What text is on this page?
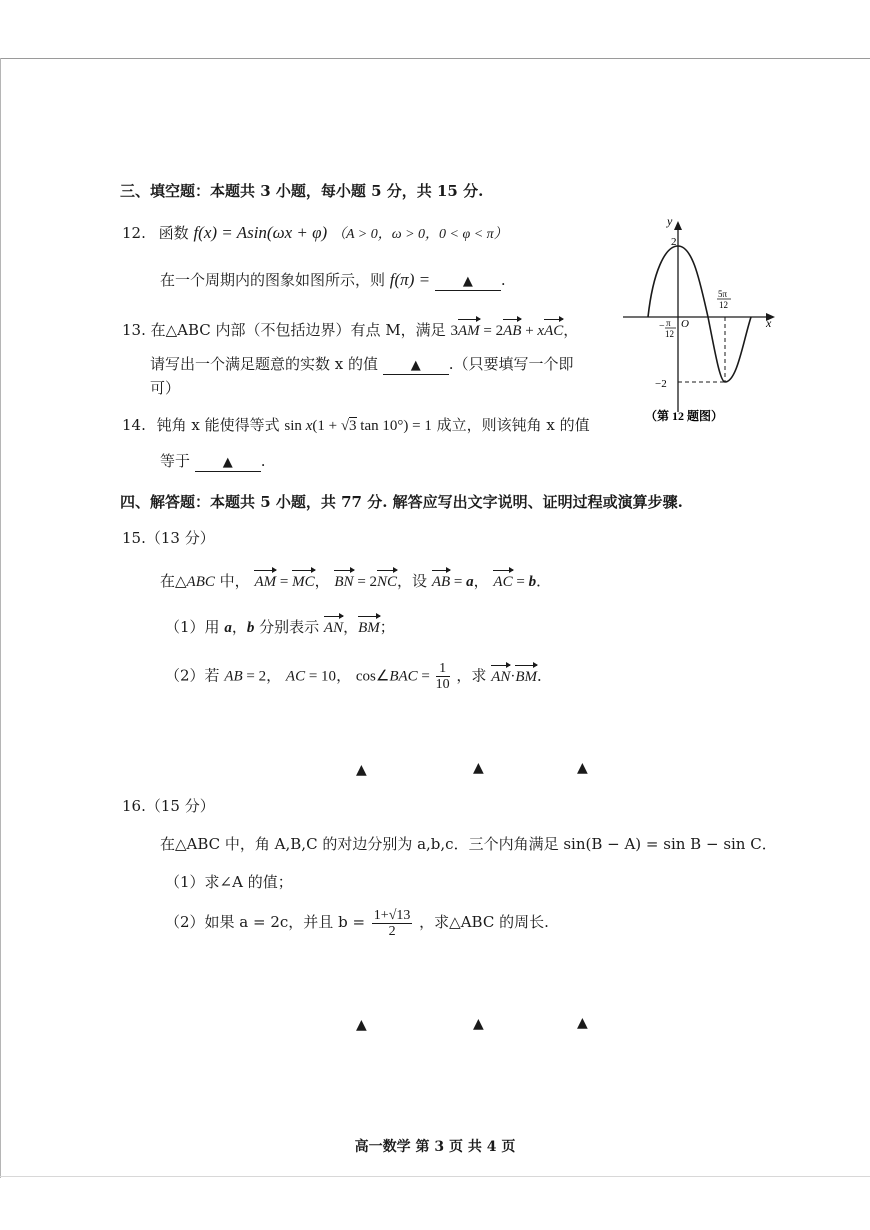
三、填空题：本题共 3 小题，每小题 5 分，共 15 分.
12. 函数 f(x) = Asin(ωx + φ) （A > 0，ω > 0，0 < φ < π）
在一个周期内的图象如图所示，则 f(π) =	▲ .
13. 在△ABC 内部（不包括边界）有点 M，满足 3AM = 2AB + xAC，
请写出一个满足题意的实数 x 的值	▲ .（只要填写一个即
可）
14. 钝角 x 能使得等式 sin x(1 + √3 tan 10°) = 1 成立，则该钝角 x 的值
等于	▲ .
y
x
O
2
−2
− π
12
5π
12
（第 12 题图）
四、解答题：本题共 5 小题，共 77 分. 解答应写出文字说明、证明过程或演算步骤.
15.（13 分）
在△ABC 中， AM = MC， BN = 2NC，设 AB = a， AC = b．
（1）用 a，b 分别表示 AN，BM；
（2）若 AB = 2， AC = 10， cos∠BAC = $\frac{1}{10}$ ，求 AN·BM．
▲	▲	▲
16.（15 分）
在△ABC 中，角 A,B,C 的对边分别为 a,b,c．三个内角满足 sin(B − A) = sin B − sin C．
（1）求∠A 的值；
（2）如果 a = 2c，并且 $b = \frac{1+√13}{2}$ ，求△ABC 的周长.
▲	▲	▲
高一数学 第 3 页 共 4 页
